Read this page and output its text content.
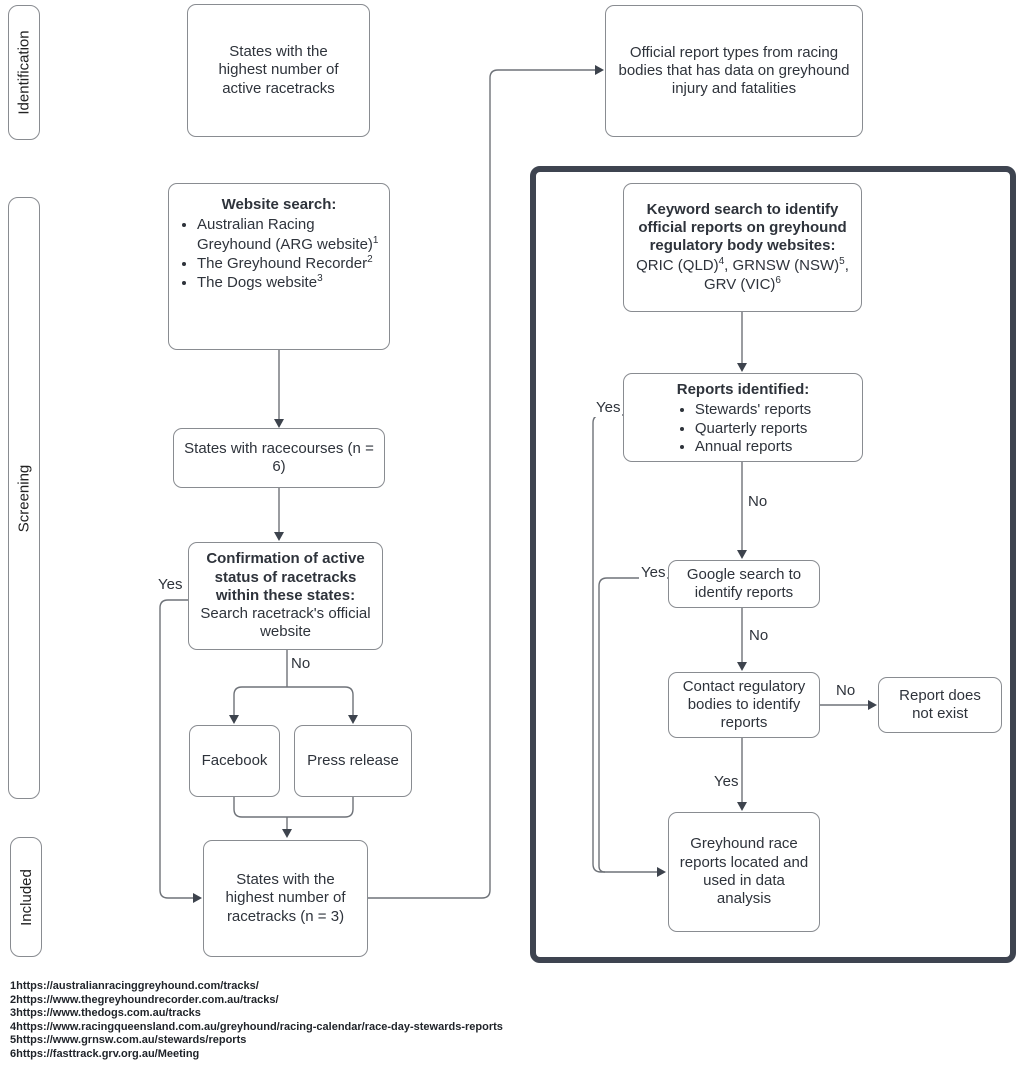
Identification
Screening
Included
States with the highest number of active racetracks
Website search:
• Australian Racing Greyhound (ARG website)$^1$
• The Greyhound Recorder$^2$
• The Dogs website$^3$
States with racecourses (n = 6)
Confirmation of active status of racetracks within these states:
Search racetrack's official website
Facebook	Press release
States with the highest number of racetracks (n = 3)
Official report types from racing bodies that has data on greyhound injury and fatalities
Keyword search to identify official reports on greyhound regulatory body websites:
QRIC (QLD)$^4$, GRNSW (NSW)$^5$, GRV (VIC)$^6$
Reports identified:
• Stewards' reports
• Quarterly reports
• Annual reports
Google search to identify reports
Contact regulatory bodies to identify reports
Report does not exist
Greyhound race reports located and used in data analysis
Yes
No
Yes
No
Yes
No
No
Yes
1https://australianracinggreyhound.com/tracks/
2https://www.thegreyhoundrecorder.com.au/tracks/
3https://www.thedogs.com.au/tracks
4https://www.racingqueensland.com.au/greyhound/racing-calendar/race-day-stewards-reports
5https://www.grnsw.com.au/stewards/reports
6https://fasttrack.grv.org.au/Meeting
